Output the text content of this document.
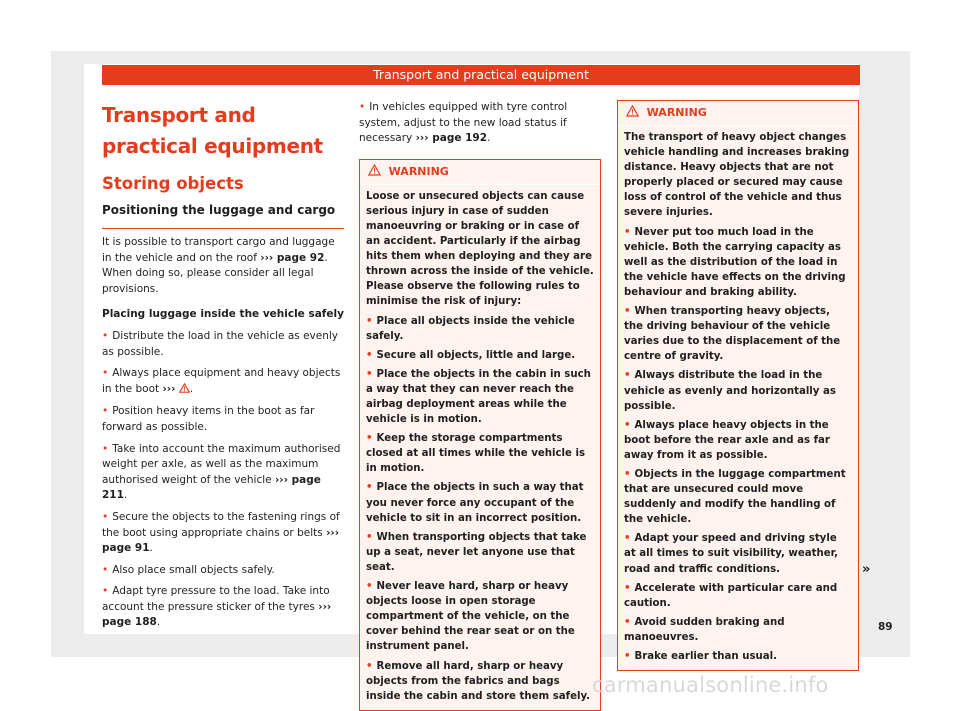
Transport and practical equipment
Transport and practical equipment
Storing objects
Positioning the luggage and cargo

It is possible to transport cargo and luggage in the vehicle and on the roof ››› page 92. When doing so, please consider all legal provisions.

Placing luggage inside the vehicle safely

• Distribute the load in the vehicle as evenly as possible.

• Always place equipment and heavy objects in the boot ››› .

• Position heavy items in the boot as far forward as possible.

• Take into account the maximum authorised weight per axle, as well as the maximum authorised weight of the vehicle ››› page 211.

• Secure the objects to the fastening rings of the boot using appropriate chains or belts ››› page 91.

• Also place small objects safely.

• Adapt tyre pressure to the load. Take into account the pressure sticker of the tyres ››› page 188.

• In vehicles equipped with tyre control system, adjust to the new load status if necessary ››› page 192.

WARNING

Loose or unsecured objects can cause serious injury in case of sudden manoeuvring or braking or in case of an accident. Particularly if the airbag hits them when deploying and they are thrown across the inside of the vehicle. Please observe the following rules to minimise the risk of injury:

• Place all objects inside the vehicle safely.

• Secure all objects, little and large.

• Place the objects in the cabin in such a way that they can never reach the airbag deployment areas while the vehicle is in motion.

• Keep the storage compartments closed at all times while the vehicle is in motion.

• Place the objects in such a way that you never force any occupant of the vehicle to sit in an incorrect position.

• When transporting objects that take up a seat, never let anyone use that seat.

• Never leave hard, sharp or heavy objects loose in open storage compartment of the vehicle, on the cover behind the rear seat or on the instrument panel.

• Remove all hard, sharp or heavy objects from the fabrics and bags inside the cabin and store them safely.

WARNING

The transport of heavy object changes vehicle handling and increases braking distance. Heavy objects that are not properly placed or secured may cause loss of control of the vehicle and thus severe injuries.

• Never put too much load in the vehicle. Both the carrying capacity as well as the distribution of the load in the vehicle have effects on the driving behaviour and braking ability.

• When transporting heavy objects, the driving behaviour of the vehicle varies due to the displacement of the centre of gravity.

• Always distribute the load in the vehicle as evenly and horizontally as possible.

• Always place heavy objects in the boot before the rear axle and as far away from it as possible.

• Objects in the luggage compartment that are unsecured could move suddenly and modify the handling of the vehicle.

• Adapt your speed and driving style at all times to suit visibility, weather, road and traffic conditions.

• Accelerate with particular care and caution.

• Avoid sudden braking and manoeuvres.

• Brake earlier than usual.

»
89
carmanualsonline.info
